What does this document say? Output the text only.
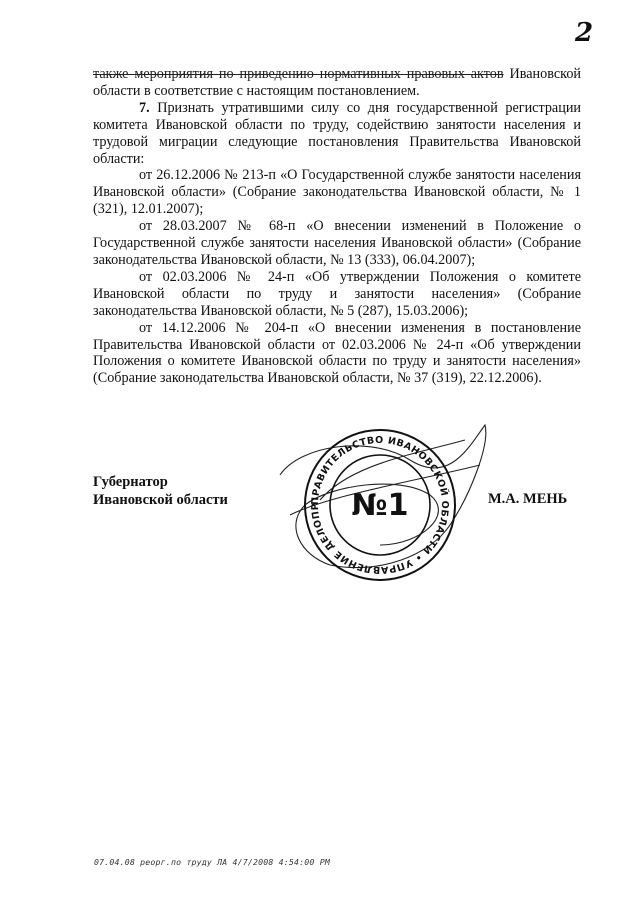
2

также мероприятия по приведению нормативных правовых актов Ивановской области в соответствие с настоящим постановлением.

7. Признать утратившими силу со дня государственной регистрации комитета Ивановской области по труду, содействию занятости населения и трудовой миграции следующие постановления Правительства Ивановской области:

от 26.12.2006 № 213-п «О Государственной службе занятости населения Ивановской области» (Собрание законодательства Ивановской области, № 1 (321), 12.01.2007);

от 28.03.2007 № 68-п «О внесении изменений в Положение о Государственной службе занятости населения Ивановской области» (Собрание законодательства Ивановской области, № 13 (333), 06.04.2007);

от 02.03.2006 № 24-п «Об утверждении Положения о комитете Ивановской области по труду и занятости населения» (Собрание законодательства Ивановской области, № 5 (287), 15.03.2006);

от 14.12.2006 № 204-п «О внесении изменения в постановление Правительства Ивановской области от 02.03.2006 № 24-п «Об утверждении Положения о комитете Ивановской области по труду и занятости населения» (Собрание законодательства Ивановской области, № 37 (319), 22.12.2006).

Губернатор
Ивановской области	М.А. МЕНЬ
ПРАВИТЕЛЬСТВО ИВАНОВСКОЙ ОБЛАСТИ • УПРАВЛЕНИЕ ДЕЛОПР	№1
07.04.08 реорг.по труду ЛА 4/7/2008 4:54:00 PM
